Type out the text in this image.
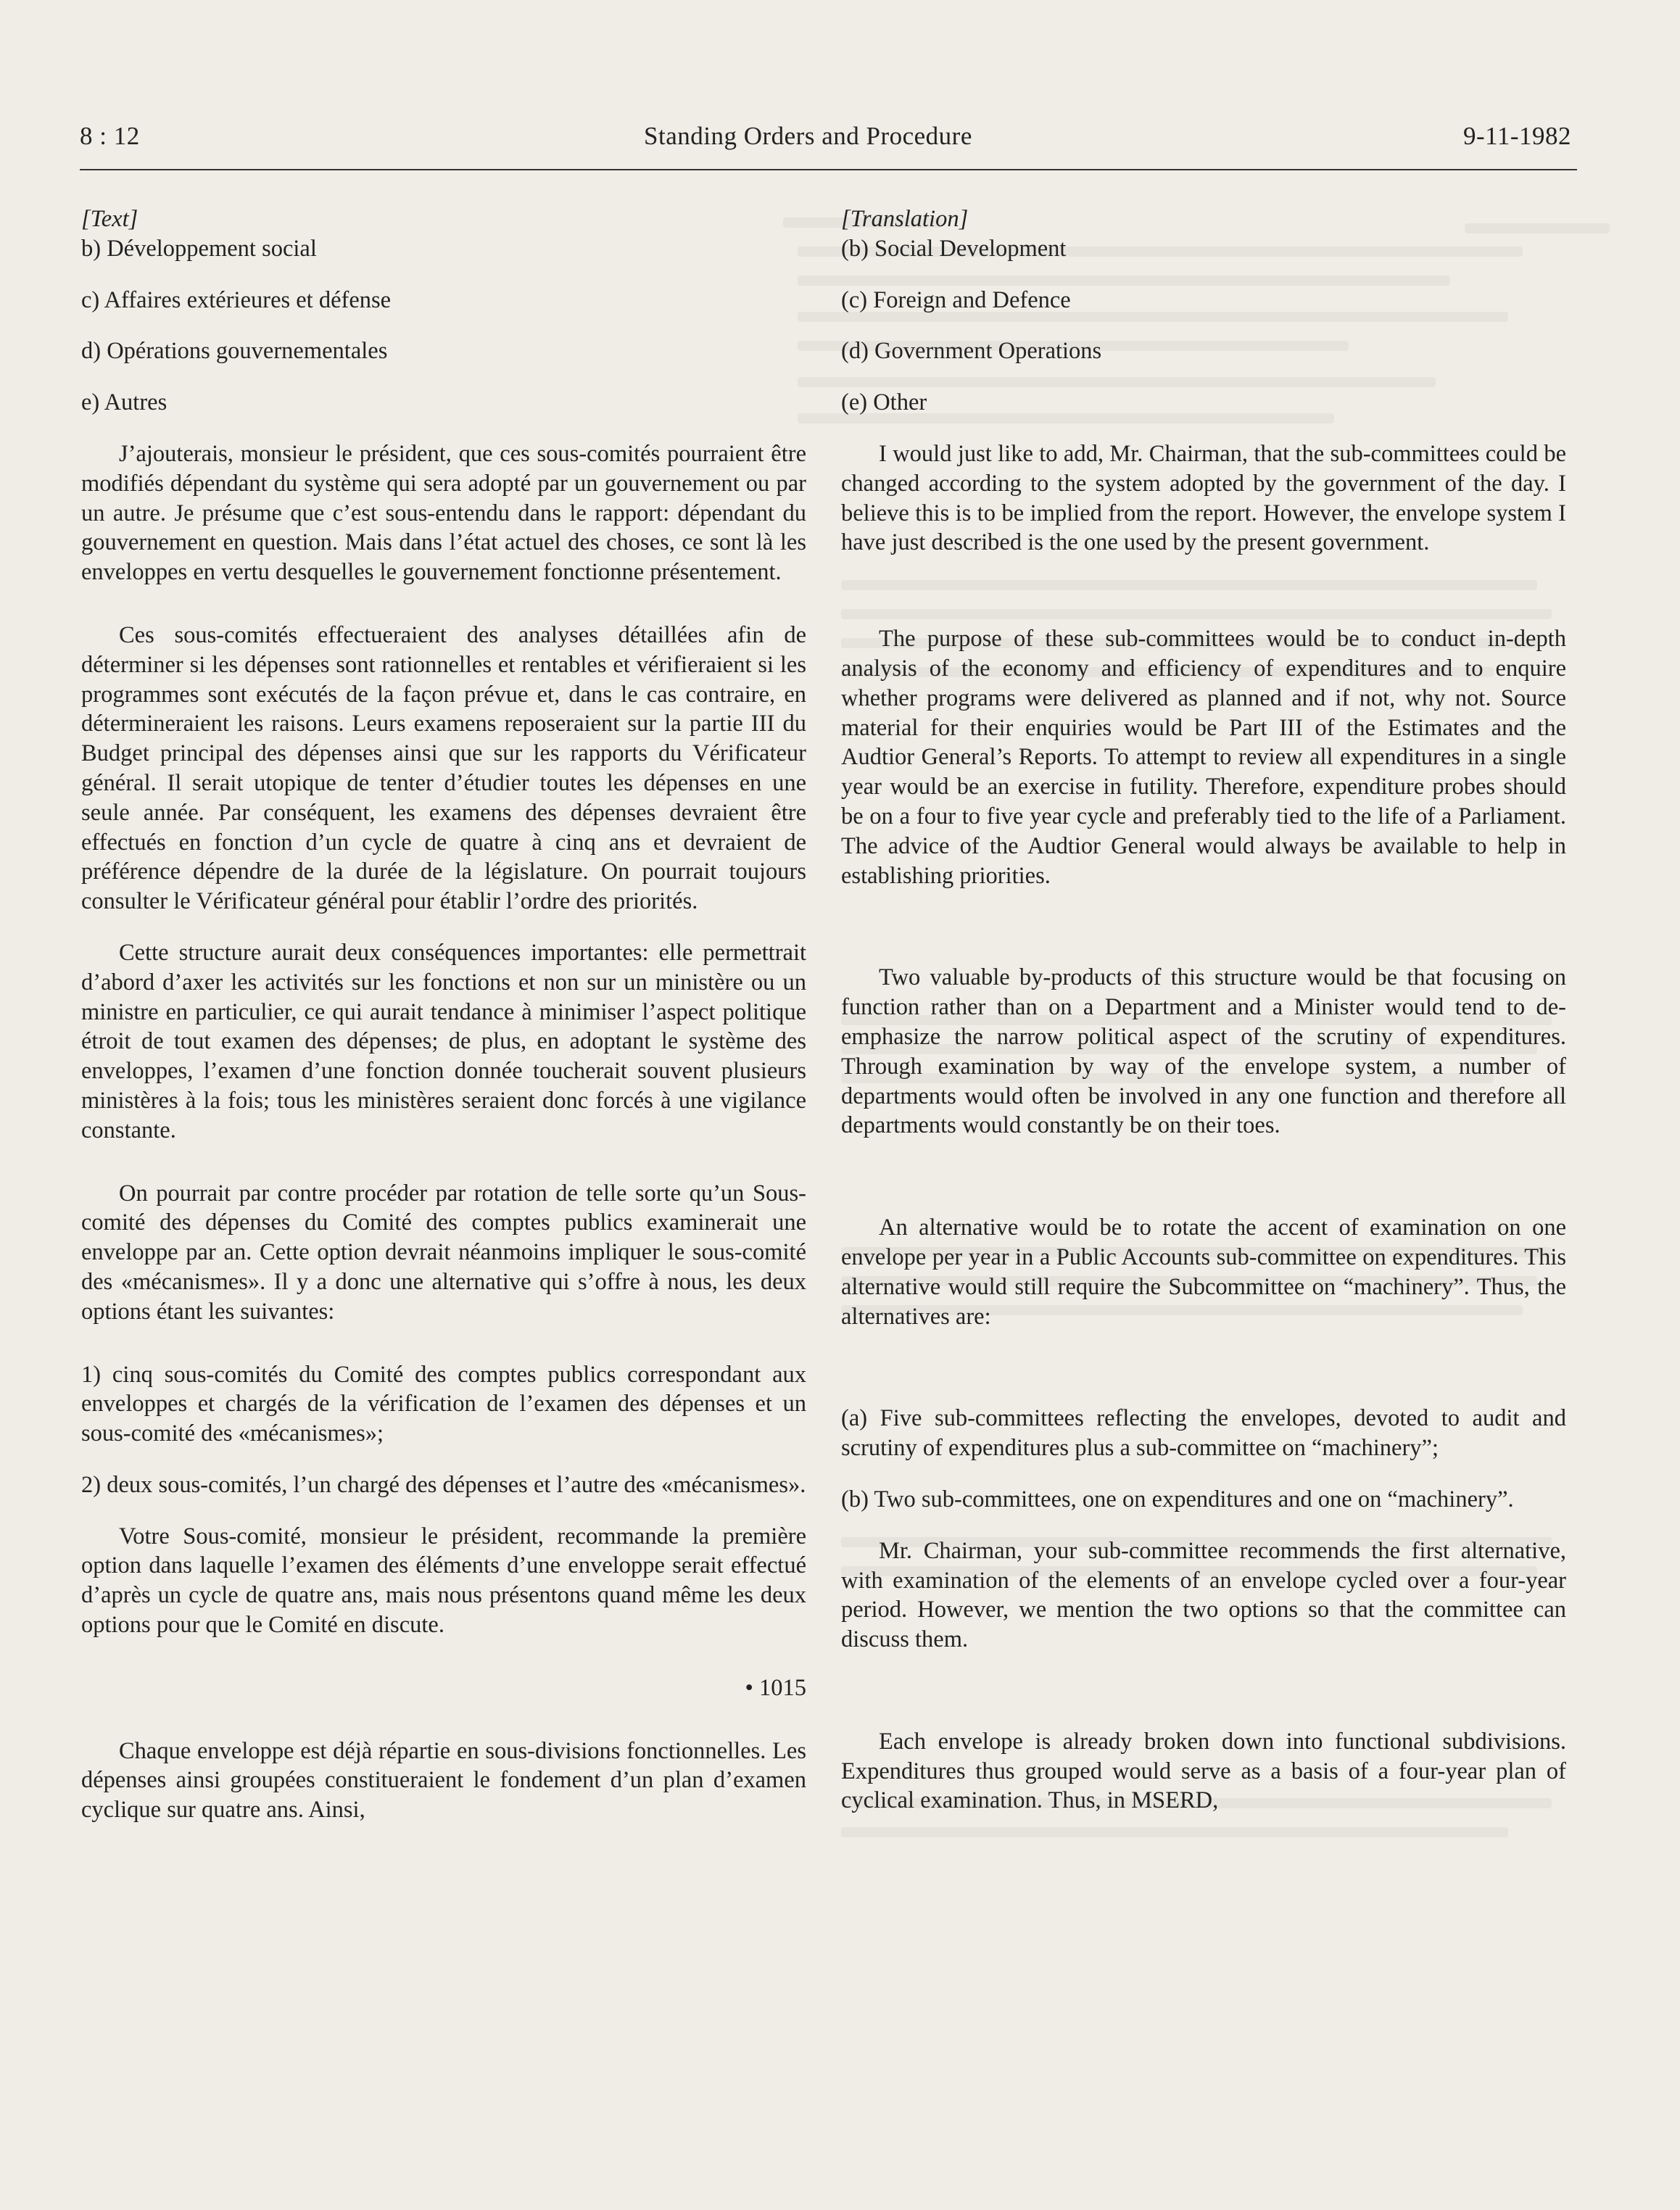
8 : 12	Standing Orders and Procedure	9-11-1982

[Text]

b) Développement social

c) Affaires extérieures et défense

d) Opérations gouvernementales

e) Autres

J’ajouterais, monsieur le président, que ces sous-comités pourraient être modifiés dépendant du système qui sera adopté par un gouvernement ou par un autre. Je présume que c’est sous-entendu dans le rapport: dépendant du gouvernement en question. Mais dans l’état actuel des choses, ce sont là les enveloppes en vertu desquelles le gouvernement fonctionne présentement.

Ces sous-comités effectueraient des analyses détaillées afin de déterminer si les dépenses sont rationnelles et rentables et vérifieraient si les programmes sont exécutés de la façon prévue et, dans le cas contraire, en détermineraient les raisons. Leurs examens reposeraient sur la partie III du Budget principal des dépenses ainsi que sur les rapports du Vérificateur général. Il serait utopique de tenter d’étudier toutes les dépenses en une seule année. Par conséquent, les examens des dépenses devraient être effectués en fonction d’un cycle de quatre à cinq ans et devraient de préférence dépendre de la durée de la législature. On pourrait toujours consulter le Vérificateur général pour établir l’ordre des priorités.

Cette structure aurait deux conséquences importantes: elle permettrait d’abord d’axer les activités sur les fonctions et non sur un ministère ou un ministre en particulier, ce qui aurait tendance à minimiser l’aspect politique étroit de tout examen des dépenses; de plus, en adoptant le système des enveloppes, l’examen d’une fonction donnée toucherait souvent plusieurs ministères à la fois; tous les ministères seraient donc forcés à une vigilance constante.

On pourrait par contre procéder par rotation de telle sorte qu’un Sous-comité des dépenses du Comité des comptes publics examinerait une enveloppe par an. Cette option devrait néanmoins impliquer le sous-comité des «mécanismes». Il y a donc une alternative qui s’offre à nous, les deux options étant les suivantes:

1) cinq sous-comités du Comité des comptes publics correspondant aux enveloppes et chargés de la vérification de l’examen des dépenses et un sous-comité des «mécanismes»;

2) deux sous-comités, l’un chargé des dépenses et l’autre des «mécanismes».

Votre Sous-comité, monsieur le président, recommande la première option dans laquelle l’examen des éléments d’une enveloppe serait effectué d’après un cycle de quatre ans, mais nous présentons quand même les deux options pour que le Comité en discute.

• 1015

Chaque enveloppe est déjà répartie en sous-divisions fonctionnelles. Les dépenses ainsi groupées constitueraient le fondement d’un plan d’examen cyclique sur quatre ans. Ainsi,

[Translation]

(b) Social Development

(c) Foreign and Defence

(d) Government Operations

(e) Other

I would just like to add, Mr. Chairman, that the sub-committees could be changed according to the system adopted by the government of the day. I believe this is to be implied from the report. However, the envelope system I have just described is the one used by the present government.

The purpose of these sub-committees would be to conduct in-depth analysis of the economy and efficiency of expenditures and to enquire whether programs were delivered as planned and if not, why not. Source material for their enquiries would be Part III of the Estimates and the Audtior General’s Reports. To attempt to review all expenditures in a single year would be an exercise in futility. Therefore, expenditure probes should be on a four to five year cycle and preferably tied to the life of a Parliament. The advice of the Audtior General would always be available to help in establishing priorities.

Two valuable by-products of this structure would be that focusing on function rather than on a Department and a Minister would tend to de-emphasize the narrow political aspect of the scrutiny of expenditures. Through examination by way of the envelope system, a number of departments would often be involved in any one function and therefore all departments would constantly be on their toes.

An alternative would be to rotate the accent of examination on one envelope per year in a Public Accounts sub-committee on expenditures. This alternative would still require the Subcommittee on “machinery”. Thus, the alternatives are:

(a) Five sub-committees reflecting the envelopes, devoted to audit and scrutiny of expenditures plus a sub-committee on “machinery”;

(b) Two sub-committees, one on expenditures and one on “machinery”.

Mr. Chairman, your sub-committee recommends the first alternative, with examination of the elements of an envelope cycled over a four-year period. However, we mention the two options so that the committee can discuss them.

Each envelope is already broken down into functional subdivisions. Expenditures thus grouped would serve as a basis of a four-year plan of cyclical examination. Thus, in MSERD,
